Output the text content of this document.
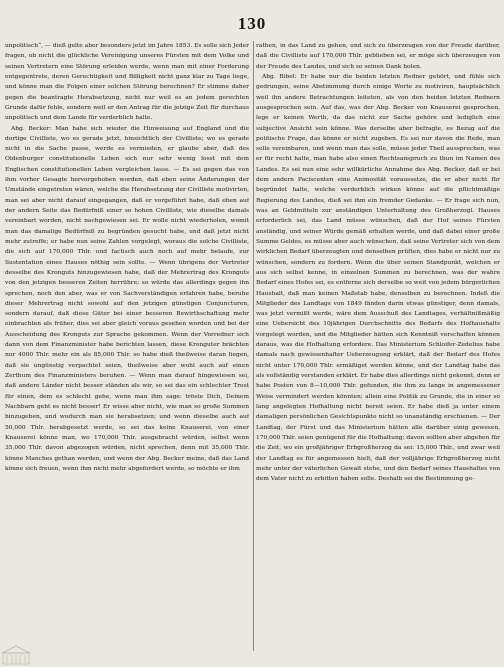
130

unpolitisch“, — dieß gelte aber besonders jetzt im Jahre 1853. Es solle sich Jeder fragen, ob nicht die glückliche Vereinigung unseres Fürsten mit dem Volke und seinen Vertretern eine Störung erleiden werde, wenn man mit einer Forderung entgegentrete, deren Gerechtigkeit und Billigkeit nicht ganz klar zu Tage liege, und könne man die Folgen einer solchen Störung berechnen? Er stimme daher gegen die beantragte Herabsetzung, nicht nur weil es an jedem gerechten Grunde dafür fehle, sondern weil er den Antrag für die jetzige Zeit für durchaus unpolitisch und dem Lande für verderblich halte.

Abg. Becker: Man habe sich wieder die Hinweisung auf England und die dortige Civilliste, wo es gerade jetzt, hinsichtlich der Civilliste; wo es gerade nicht in die Sache passe, werde es vermieden, er glaube aber, daß des Oldenburger constitutionelle Leben sich nur sehr wenig losst mit dem Englischen constitutionellen Leben vergleichen lasse. — Es sei gegen das von ihm vorher Gesagte hervorgehoben worden, daß eben seine Änderungen der Umstände eingetreten wären, welche die Herabsetzung der Civilliste motivirten, man sei aber nicht darauf eingegangen, daß er vorgeführt habe, daß eben auf der andern Seite das Bedürfniß einer so hohen Civilliste, wie dieselbe damals vereinbart worden, nicht nachgewiesen sei. Er wolle nicht wiederholen, womit man das damalige Bedürfniß zu begründen gesucht habe, und daß jetzt nicht mehr zutreffe; er habe nun seine Zahlen vorgelegt, woraus die solche Civilliste, die sich auf 170,000 Thlr. und factisch auch noch auf mehr belaufe, zur Sustentation eines Hauses nöthig sein sollte. — Wenn übrigens der Vertreter desselbe des Kronguts hinzugewiesen habe, daß der Mehrertrag des Kronguts von den jetzigen besseren Zeiten herrühre; so würde das allerdings gegen ihn sprechen, noch den aber, was er von Sachverständigen erfahren habe, beruhe dieser Mehrertrag nicht sowohl auf den jetzigen günstigen Conjuncturen, sondern darauf, daß diese Güter bei einer besseren Bewirthschaftung mehr einbrachten als früher, dies sei aber gleich voraus gesehen worden und bei der Ausscheidung des Kronguts zur Sprache gekommen. Wenn der Vorredner sich dann von dem Finanzminister habe berichten lassen, diese Kronguter brächten nur 4000 Thlr. mehr ein als 85,000 Thlr. so habe dieß theilweise daran liegen, daß sie ungünstig verpachtet seien, theilweise aber wohl auch auf einen Zerthum des Finanzministers beruhen. — Wenn man darauf hingewiesen sei, daß andere Länder nicht besser ständen als wir, so sei das ein schlechter Trost für einen, dem es schlecht gehe, wenn man ihm sage: tröste Dich, Deinem Nachbarn geht es nicht besser! Er wisse aber nicht, wie man so große Summen hinzugeben, und wodurch man sie herabsetzen; und wenn dieselbe auch auf 50,000 Thlr. herabgesetzt werde, so sei das keine Knauserei, von einer Knauserei könne man, wo 170,000 Thlr. ausgebracht würden, selbst wenn 35,000 Thlr. davon abgezogen würden, nicht sprechen, denn mit 35,000 Thlr. könne Manches gethan werden, und wenn der Abg. Becker meine, daß das Land könne sich freuen, wenn ihm nicht mehr abgefordert werde, so möchte er ihm

rathen, in das Land zu gehen, und sich zu überzeugen von der Freude darüber, daß die Civilliste auf 170,000 Thlr. geblieben sei, er möge sich überzeugen von der Freude des Landes, und sich so seinen Dank holen.

Abg. Bibel: Er habe nur die beiden letzten Redner gehört, und fühle sich gedrungen, seine Abstimmung durch einige Worte zu motiviren, hauptsächlich weil ihn andere Betrachtungen leiteten, als von den beiden letzten Rednern ausgesprochen sein. Auf das, was der Abg. Becker von Knauserei gesprochen, lege er keinen Werth, da das nicht zur Sache gehöre und lediglich eine subjective Ansicht sein könne. Was derselbe aber befragte, es Bezug auf die politische Frage, das könne er nicht zugeben. Es sei nur davon die Rede, man solle vereinbaren, und wenn man das solle, müsse jeder Theil aussprechen, was er für recht halte, man habe also einen Rechtsanspruch zu thun im Namen des Landes. Es sei nun eine sehr willkürliche Annahme des Abg. Becker, daß er bei dem andern Paciscenten eine Animosität voraussetze, die er aber nicht für begründet halte, welche verderblich wirken könne auf die pflichtmäßige Regierung des Landes, dieß sei ihm ein fremder Gedanke. — Er frage sich nun, was an Geldmitteln zur anständigen Unterhaltung des Großherzogl. Hauses erforderlich sei, das Land müsse wünschen, daß der Hof seines Fürsten anständig, und seiner Würde gemäß erhalten werde, und daß dabei einer große Summe Geldes, es müsse aber auch wünschen, daß seine Vertreter sich von dem wirklichen Bedarf überzeugten und denselben prüften, dies habe er nicht nur zu wünschen, sondern zu fordern. Wenn die über seinen Standpunkt, welchen er aus sich selbst kenne, in einzelnen Summen zu berechnen, was der wahre Bedarf eines Hofes sei, es entferne sich derselbe so weit von jedem bürgerlichen Haushalt, daß man keinen Maßstab habe, denselben zu berechnen. Indeß die Mitglieder des Landtags von 1849 fänden darin etwas günstiger, denn damals, was jetzt vermißt werde, wäre dem Ausschuß des Landtages, verhältnißmäßig eine Uebersicht des 10jährigen Durchschnitts des Bedarfs des Hofhaushalts vorgelegt worden, und die Mitglieder hätten sich Kenntniß verschaffen können daraus, was die Hofhaltung erfordere. Das Ministerium Schloifer-Zedelius habe damals nach gewissenhafter Ueberzeugung erklärt, daß der Bedarf des Hofes nicht unter 170,000 Thlr. ermäßiget werden könne, und der Landtag habe das als vollständig verstanden erklärt. Er habe dies allerdings nicht gekonnt, denn er habe Posten von 8—10,000 Thlr. gefunden, die ihm zu lange in angemessener Weise vermindert werden könnten; allein eine Politik zu Grunde, die in einer so lang angelegten Hofhaltung nicht bereit seien. Er habe dieß ja unter einem damaligen persönlichen Gesichtspunkte nicht so unanständig erschienen. — Der Landtag, der Fürst und das Ministerium hätten alle darüber einig gewesen, 170,000 Thlr. seien genügend für die Hofhaltung; davon sollten aber abgehen für die Zeit, wo ein großjähriger Erbgroßherzog da sei: 15,000 Thlr., und zwar weil der Landtag es für angemessen hielt, daß der volljährige Erbgroßherzog nicht mehr unter der väterlichen Gewalt stehe, und den Bedarf seines Haushaltes von dem Vater nicht zu erbitten haben solle. Deshalb sei die Bestimmung ge-
